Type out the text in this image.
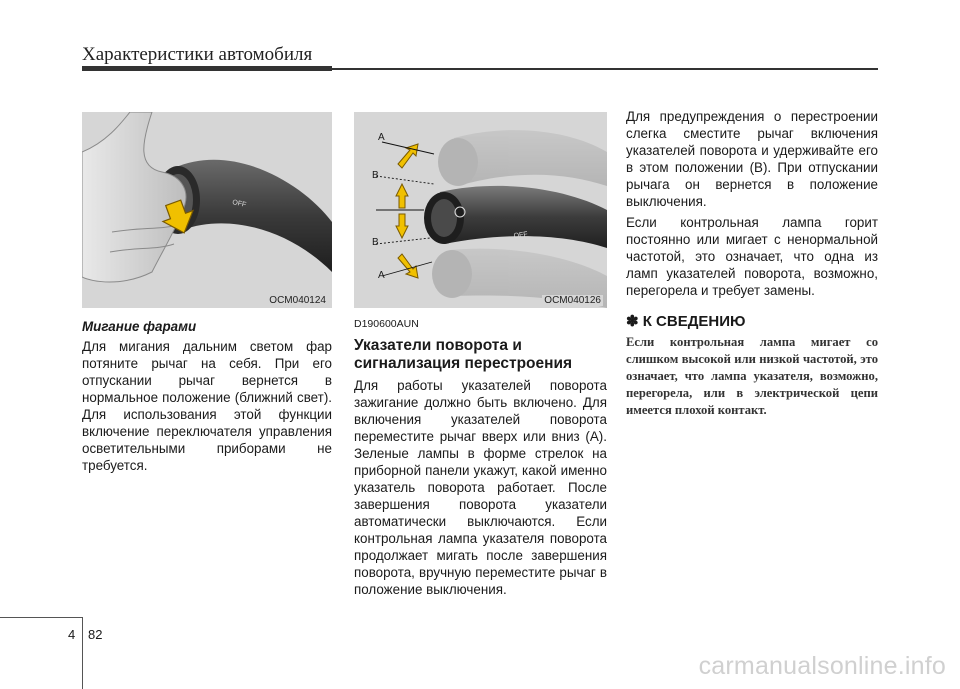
Характеристики автомобиля
OFF
OCM040124
OFF
A
B
B
A
OCM040126
Мигание фарами

Для мигания дальним светом фар потяните рычаг на себя. При его отпускании рычаг вернется в нормальное положение (ближний свет). Для использования этой функции включение переключателя управления осветительными приборами не требуется.

D190600AUN
Указатели поворота и сигнализация перестроения

Для работы указателей поворота зажигание должно быть включено. Для включения указателей поворота переместите рычаг вверх или вниз (A). Зеленые лампы в форме стрелок на приборной панели укажут, какой именно указатель поворота работает. После завершения поворота указатели автоматически выключаются. Если контрольная лампа указателя поворота продолжает мигать после завершения поворота, вручную переместите рычаг в положение выключения.

Для предупреждения о перестроении слегка сместите рычаг включения указателей поворота и удерживайте его в этом положении (B). При отпускании рычага он вернется в положение выключения.

Если контрольная лампа горит постоянно или мигает с ненормальной частотой, это означает, что одна из ламп указателей поворота, возможно, перегорела и требует замены.

✽ К СВЕДЕНИЮ
Если контрольная лампа мигает со слишком высокой или низкой частотой, это означает, что лампа указателя, возможно, перегорела, или в электрической цепи имеется плохой контакт.
4 82
carmanualsonline.info
